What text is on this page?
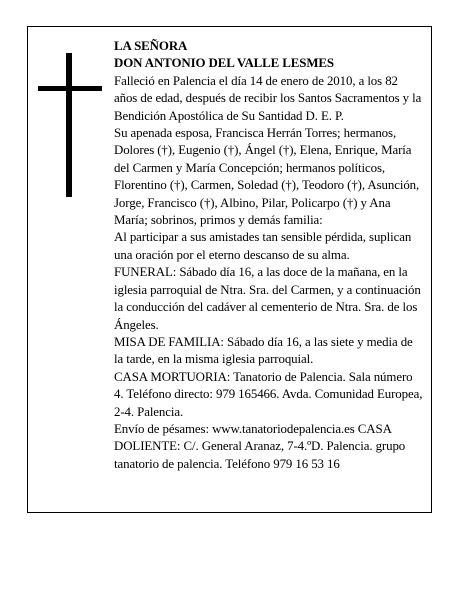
LA SEÑORA

DON ANTONIO DEL VALLE LESMES

Falleció en Palencia el día 14 de enero de 2010, a los 82 años de edad, después de recibir los Santos Sacramentos y la Bendición Apostólica de Su Santidad D. E. P.

Su apenada esposa, Francisca Herrán Torres; hermanos, Dolores (†), Eugenio (†), Ángel (†), Elena, Enrique, María del Carmen y María Concepción; hermanos políticos, Florentino (†), Carmen, Soledad (†), Teodoro (†), Asunción, Jorge, Francisco (†), Albino, Pilar, Policarpo (†) y Ana María; sobrinos, primos y demás familia:

Al participar a sus amistades tan sensible pérdida, suplican una oración por el eterno descanso de su alma.

FUNERAL: Sábado día 16, a las doce de la mañana, en la iglesia parroquial de Ntra. Sra. del Carmen, y a continuación la conducción del cadáver al cementerio de Ntra. Sra. de los Ángeles.

MISA DE FAMILIA: Sábado día 16, a las siete y media de la tarde, en la misma iglesia parroquial.

CASA MORTUORIA: Tanatorio de Palencia. Sala número 4. Teléfono directo: 979 165466. Avda. Comunidad Europea, 2-4. Palencia.

Envío de pésames: www.tanatoriodepalencia.es CASA DOLIENTE: C/. General Aranaz, 7-4.ºD. Palencia. grupo tanatorio de palencia. Teléfono 979 16 53 16
